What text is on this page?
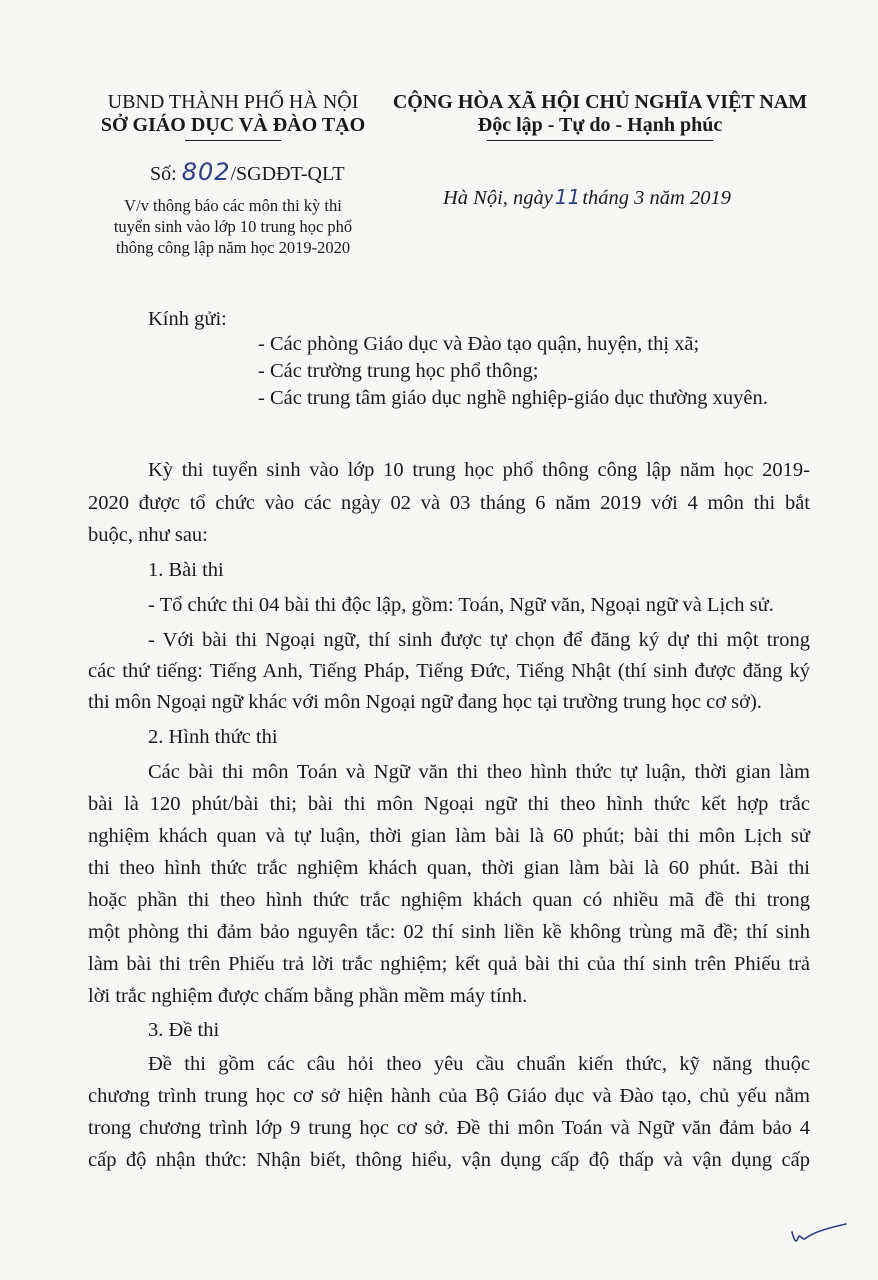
UBND THÀNH PHỐ HÀ NỘI
SỞ GIÁO DỤC VÀ ĐÀO TẠO
Số: 802/SGDĐT-QLT
V/v thông báo các môn thi kỳ thi
tuyển sinh vào lớp 10 trung học phổ
thông công lập năm học 2019-2020
CỘNG HÒA XÃ HỘI CHỦ NGHĨA VIỆT NAM
Độc lập - Tự do - Hạnh phúc
Hà Nội, ngày 11tháng 3 năm 2019
Kính gửi:
- Các phòng Giáo dục và Đào tạo quận, huyện, thị xã;
- Các trường trung học phổ thông;
- Các trung tâm giáo dục nghề nghiệp-giáo dục thường xuyên.
Kỳ thi tuyển sinh vào lớp 10 trung học phổ thông công lập năm học 2019-
2020 được tổ chức vào các ngày 02 và 03 tháng 6 năm 2019 với 4 môn thi bắt
buộc, như sau:
1. Bài thi
- Tổ chức thi 04 bài thi độc lập, gồm: Toán, Ngữ văn, Ngoại ngữ và Lịch sử.
- Với bài thi Ngoại ngữ, thí sinh được tự chọn để đăng ký dự thi một trong
các thứ tiếng: Tiếng Anh, Tiếng Pháp, Tiếng Đức, Tiếng Nhật (thí sinh được đăng ký
thi môn Ngoại ngữ khác với môn Ngoại ngữ đang học tại trường trung học cơ sở).
2. Hình thức thi
Các bài thi môn Toán và Ngữ văn thi theo hình thức tự luận, thời gian làm
bài là 120 phút/bài thi; bài thi môn Ngoại ngữ thi theo hình thức kết hợp trắc
nghiệm khách quan và tự luận, thời gian làm bài là 60 phút; bài thi môn Lịch sử
thi theo hình thức trắc nghiệm khách quan, thời gian làm bài là 60 phút. Bài thi
hoặc phần thi theo hình thức trắc nghiệm khách quan có nhiều mã đề thi trong
một phòng thi đảm bảo nguyên tắc: 02 thí sinh liền kề không trùng mã đề; thí sinh
làm bài thi trên Phiếu trả lời trắc nghiệm; kết quả bài thi của thí sinh trên Phiếu trả
lời trắc nghiệm được chấm bằng phần mềm máy tính.
3. Đề thi
Đề thi gồm các câu hỏi theo yêu cầu chuẩn kiến thức, kỹ năng thuộc
chương trình trung học cơ sở hiện hành của Bộ Giáo dục và Đào tạo, chủ yếu nằm
trong chương trình lớp 9 trung học cơ sở. Đề thi môn Toán và Ngữ văn đảm bảo 4
cấp độ nhận thức: Nhận biết, thông hiểu, vận dụng cấp độ thấp và vận dụng cấp
